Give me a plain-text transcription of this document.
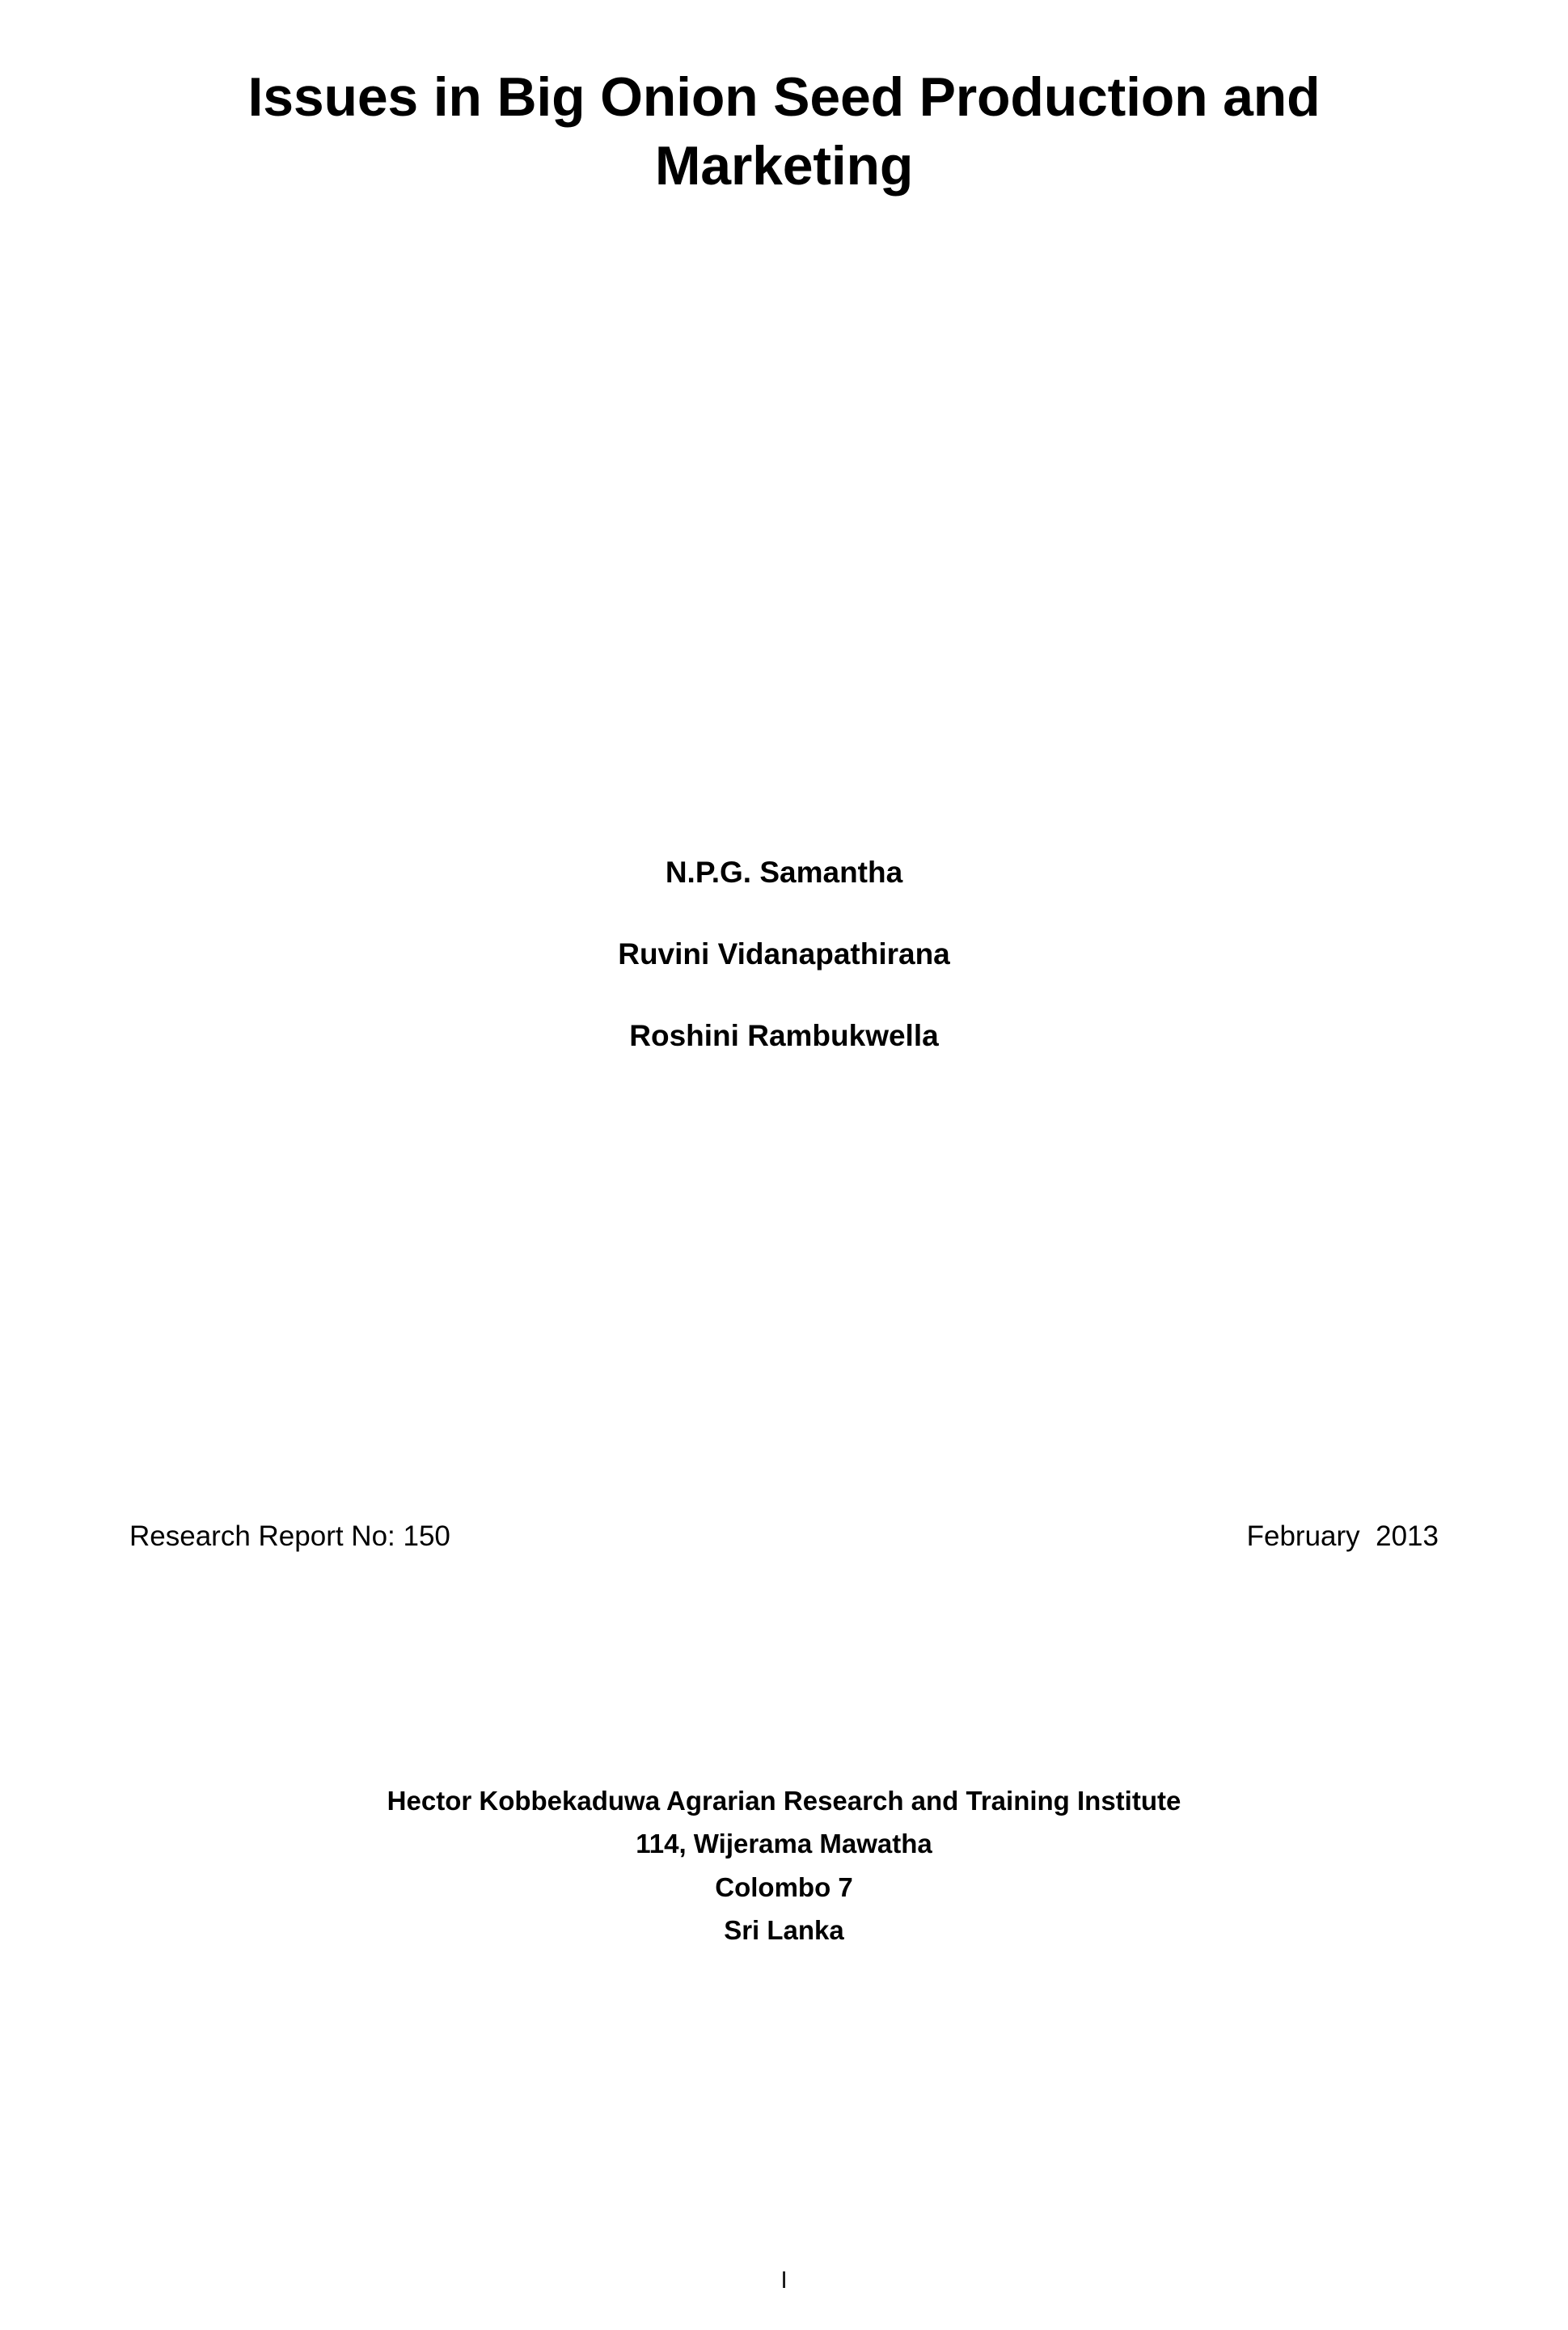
Issues in Big Onion Seed Production and
Marketing
N.P.G. Samantha
Ruvini Vidanapathirana
Roshini Rambukwella
Research Report No: 150	February  2013
Hector Kobbekaduwa Agrarian Research and Training Institute
114, Wijerama Mawatha
Colombo 7
Sri Lanka
I
